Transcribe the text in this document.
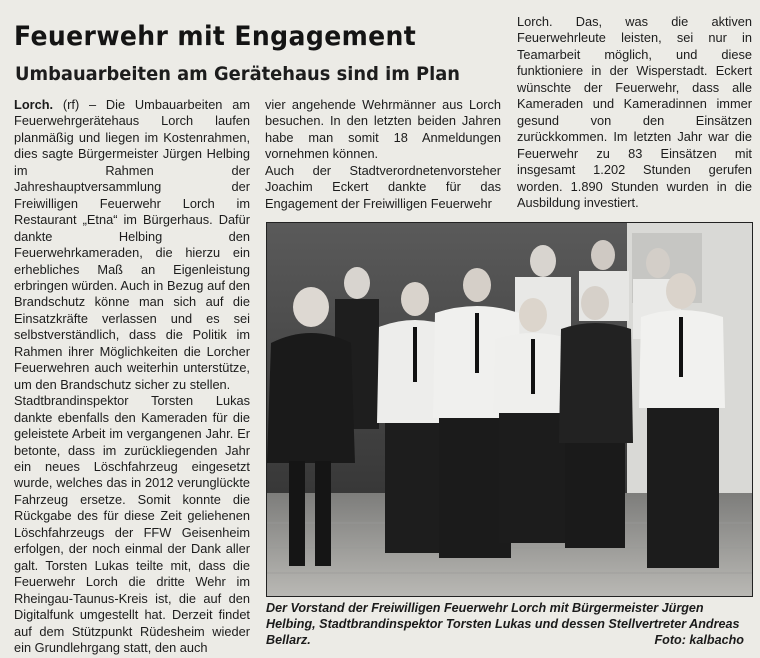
Feuerwehr mit Engagement
Umbauarbeiten am Gerätehaus sind im Plan

Lorch. (rf) – Die Umbauarbeiten am Feuerwehrgerätehaus Lorch laufen planmäßig und liegen im Kostenrahmen, dies sagte Bürgermeister Jürgen Helbing im Rahmen der Jahreshauptversammlung der Freiwilligen Feuerwehr Lorch im Restaurant „Etna“ im Bürgerhaus. Dafür dankte Helbing den Feuerwehrkameraden, die hierzu ein erhebliches Maß an Eigenleistung erbringen würden. Auch in Bezug auf den Brandschutz könne man sich auf die Einsatzkräfte verlassen und es sei selbstverständlich, dass die Politik im Rahmen ihrer Möglichkeiten die Lorcher Feuerwehren auch weiterhin unterstütze, um den Brandschutz sicher zu stellen.

Stadtbrandinspektor Torsten Lukas dankte ebenfalls den Kameraden für die geleistete Arbeit im vergangenen Jahr. Er betonte, dass im zurückliegenden Jahr ein neues Löschfahrzeug eingesetzt wurde, welches das in 2012 verunglückte Fahrzeug ersetze. Somit konnte die Rückgabe des für diese Zeit geliehenen Löschfahrzeugs der FFW Geisenheim erfolgen, der noch einmal der Dank aller galt. Torsten Lukas teilte mit, dass die Feuerwehr Lorch die dritte Wehr im Rheingau-Taunus-Kreis ist, die auf den Digitalfunk umgestellt hat. Derzeit findet auf dem Stützpunkt Rüdesheim wieder ein Grundlehrgang statt, den auch

vier angehende Wehrmänner aus Lorch besuchen. In den letzten beiden Jahren habe man somit 18 Anmeldungen vornehmen können.

Auch der Stadtverordnetenvorsteher Joachim Eckert dankte für das Engagement der Freiwilligen Feuerwehr

Lorch. Das, was die aktiven Feuerwehrleute leisten, sei nur in Teamarbeit möglich, und diese funktioniere in der Wisperstadt. Eckert wünschte der Feuerwehr, dass alle Kameraden und Kameradinnen immer gesund von den Einsätzen zurückkommen. Im letzten Jahr war die Feuerwehr zu 83 Einsätzen mit insgesamt 1.202 Stunden gerufen worden. 1.890 Stunden wurden in die Ausbildung investiert.

Der Vorstand der Freiwilligen Feuerwehr Lorch mit Bürgermeister Jürgen Helbing, Stadtbrandinspektor Torsten Lukas und dessen Stellvertreter Andreas Bellarz.	Foto: kalbacho
